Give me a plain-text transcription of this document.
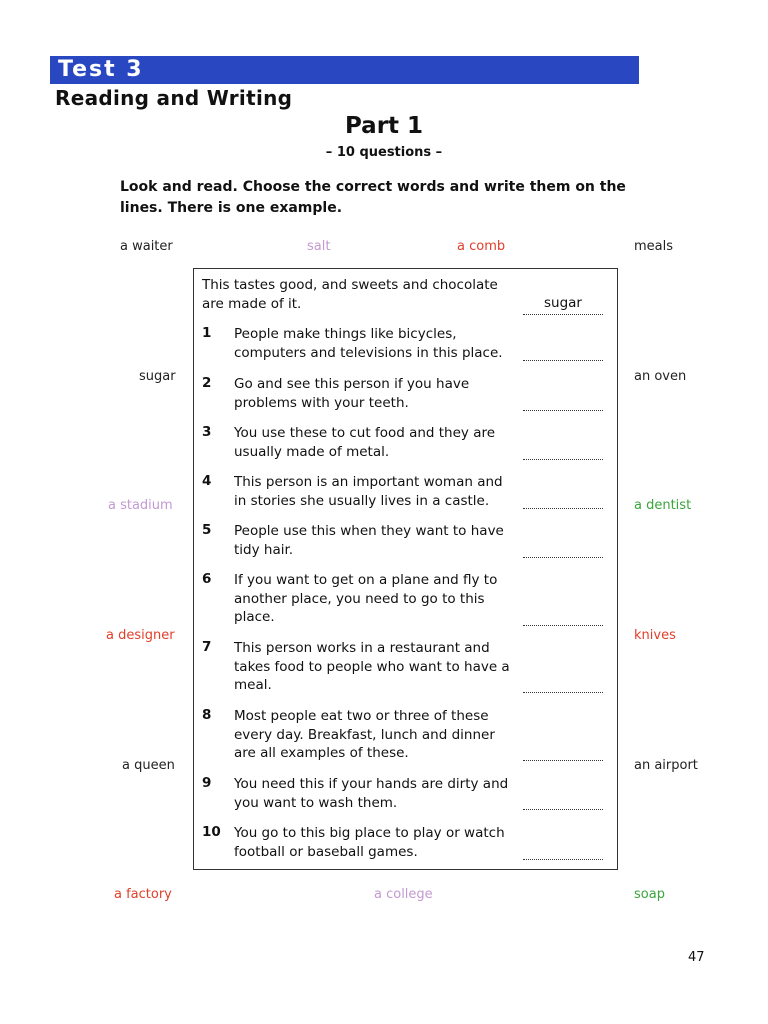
Test 3
Reading and Writing
Part 1
– 10 questions –
Look and read. Choose the correct words and write them on the lines. There is one example.
a waiter	salt	a comb	meals
sugar	an oven
a stadium	a dentist
a designer	knives
a queen	an airport
a factory	a college	soap
This tastes good, and sweets and chocolate are made of it.	sugar
1 People make things like bicycles, computers and televisions in this place.
2 Go and see this person if you have problems with your teeth.
3 You use these to cut food and they are usually made of metal.
4 This person is an important woman and in stories she usually lives in a castle.
5 People use this when they want to have tidy hair.
6 If you want to get on a plane and fly to another place, you need to go to this place.
7 This person works in a restaurant and takes food to people who want to have a meal.
8 Most people eat two or three of these every day. Breakfast, lunch and dinner are all examples of these.
9 You need this if your hands are dirty and you want to wash them.
10 You go to this big place to play or watch football or baseball games.
47
